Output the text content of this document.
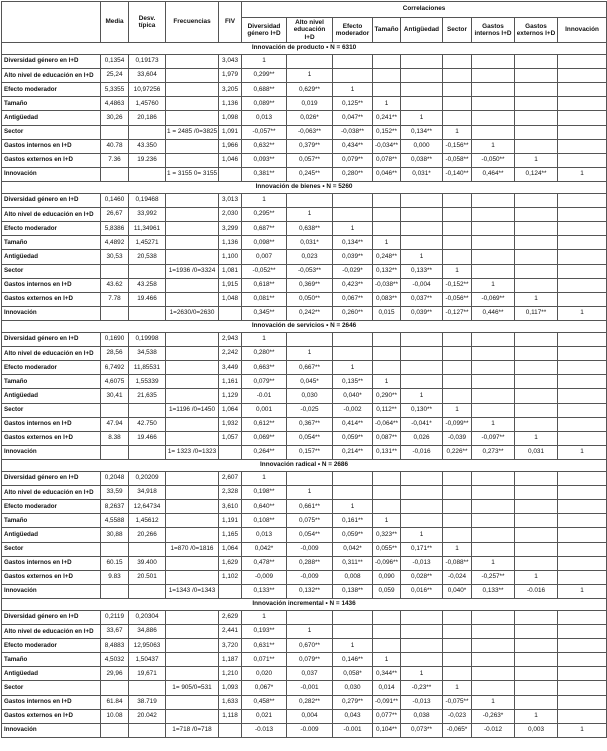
	Media	Desv. típica	Frecuencias	FIV	Correlaciones								
					Diversidad género I+D	Alto nivel educación I+D	Efecto moderador	Tamaño	Antigüedad	Sector	Gastos internos I+D	Gastos externos I+D	Innovación
Innovación de producto • N = 6310													
Diversidad género en I+D	0,1354	0,19173		3,043	1								
Alto nivel de educación en I+D	25,24	33,604		1,979	0,299**	1							
Efecto moderador	5,3355	10,97256		3,205	0,688**	0,629**	1						
Tamaño	4,4863	1,45760		1,136	0,089**	0,019	0,125**	1					
Antigüedad	30,26	20,186		1,098	0,013	0,026*	0,047**	0,241**	1				
Sector			1 = 2485 /0=3825	1,091	-0,057**	-0,063**	-0,038**	0,152**	0,134**	1			
Gastos internos en I+D	40.78	43.350		1,966	0,632**	0,379**	0,434**	-0,034**	0,000	-0,156**	1		
Gastos externos en I+D	7.36	19.236		1,046	0,093**	0,057**	0,079**	0,078**	0,038**	-0,058**	-0,050**	1	
Innovación			1 = 3155 0= 3155		0,381**	0,245**	0,280**	0,046**	0,031*	-0,140**	0,464**	0,124**	1
Innovación de bienes • N = 5260													
Diversidad género en I+D	0,1460	0,19468		3,013	1								
Alto nivel de educación en I+D	26,67	33,992		2,030	0,295**	1							
Efecto moderador	5,8386	11,34961		3,299	0,687**	0,638**	1						
Tamaño	4,4892	1,45271		1,136	0,098**	0,031*	0,134**	1					
Antigüedad	30,53	20,538		1,100	0,007	0,023	0,039**	0,248**	1				
Sector			1=1936 /0=3324	1,081	-0,052**	-0,053**	-0,029*	0,132**	0,133**	1			
Gastos internos en I+D	43.62	43.258		1,915	0,618**	0,369**	0,423**	-0,038**	-0,004	-0,152**	1		
Gastos externos en I+D	7.78	19.466		1,048	0,081**	0,050**	0,067**	0,083**	0,037**	-0,056**	-0,069**	1	
Innovación			1=2630/0=2630		0,345**	0,242**	0,260**	0,015	0,039**	-0,127**	0,446**	0,117**	1
Innovación de servicios • N = 2646													
Diversidad género en I+D	0,1690	0,19998		2,943	1								
Alto nivel de educación en I+D	28,56	34,538		2,242	0,280**	1							
Efecto moderador	6,7492	11,85531		3,449	0,663**	0,667**	1						
Tamaño	4,6075	1,55339		1,161	0,079**	0,045*	0,135**	1					
Antigüedad	30,41	21,635		1,129	-0.01	0,030	0,040*	0,290**	1				
Sector			1=1196 /0=1450	1,064	0,001	-0,025	-0,002	0,112**	0,130**	1			
Gastos internos en I+D	47.94	42.750		1,932	0,612**	0,367**	0,414**	-0,064**	-0,041*	-0,099**	1		
Gastos externos en I+D	8.38	19.466		1,057	0,069**	0,054**	0,059**	0,087**	0,026	-0,039	-0,097**	1	
Innovación			1= 1323 /0=1323		0,264**	0,157**	0,214**	0,131**	-0,016	0,226**	0,273**	0,031	1
Innovación radical • N = 2686													
Diversidad género en I+D	0,2048	0,20209		2,607	1								
Alto nivel de educación en I+D	33,59	34,918		2,328	0,198**	1							
Efecto moderador	8,2637	12,64734		3,610	0,640**	0,661**	1						
Tamaño	4,5588	1,45612		1,191	0,108**	0,075**	0,161**	1					
Antigüedad	30,88	20,266		1,165	0,013	0,054**	0,059**	0,323**	1				
Sector			1=870 /0=1816	1,064	0,042*	-0,009	0,042*	0,055**	0,171**	1			
Gastos internos en I+D	60.15	39.400		1,629	0,478**	0,288**	0,311**	-0,096**	-0,013	-0,088**	1		
Gastos externos en I+D	9.83	20.501		1,102	-0,009	-0,009	0,008	0,090	0,028**	-0,024	-0,257**	1	
Innovación			1=1343 /0=1343		0,133**	0,132**	0,138**	0,059	0,016**	0,040*	0,133**	-0.016	1
Innovación incremental • N = 1436													
Diversidad género en I+D	0,2119	0,20304		2,629	1								
Alto nivel de educación en I+D	33,67	34,886		2,441	0,193**	1							
Efecto moderador	8,4883	12,95063		3,720	0,631**	0,670**	1						
Tamaño	4,5032	1,50437		1,187	0,071**	0,079**	0,146**	1					
Antigüedad	29,96	19,671		1,210	0,020	0,037	0,058*	0,344**	1				
Sector			1= 905/0=531	1,093	0,067*	-0,001	0,030	0,014	-0,23**	1			
Gastos internos en I+D	61.84	38.719		1,633	0,458**	0,282**	0,279**	-0,091**	-0,013	-0,075**	1		
Gastos externos en I+D	10.08	20.042		1,118	0,021	0,004	0,043	0,077**	0,038	-0,023	-0,263*	1	
Innovación			1=718 /0=718		-0.013	-0.009	-0.001	0,104**	0,073**	-0,065*	-0.012	0,003	1
